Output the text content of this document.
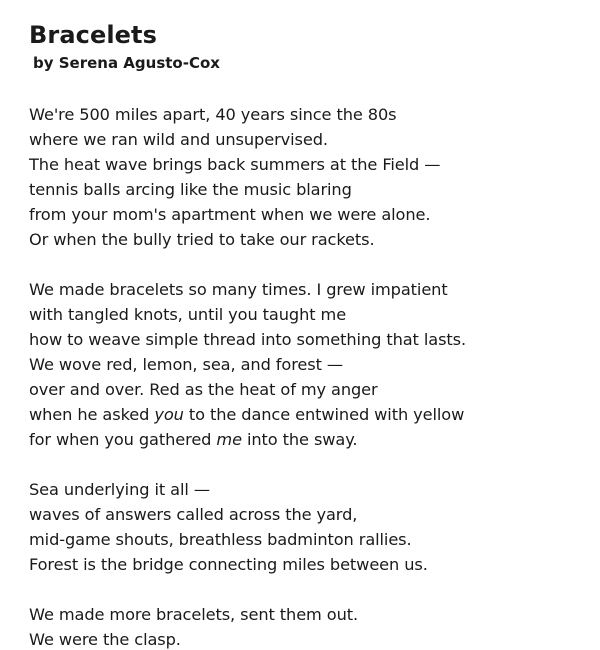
Bracelets
by Serena Agusto-Cox
We're 500 miles apart, 40 years since the 80s
where we ran wild and unsupervised.
The heat wave brings back summers at the Field —
tennis balls arcing like the music blaring
from your mom's apartment when we were alone.
Or when the bully tried to take our rackets.
We made bracelets so many times. I grew impatient
with tangled knots, until you taught me
how to weave simple thread into something that lasts.
We wove red, lemon, sea, and forest —
over and over. Red as the heat of my anger
when he asked you to the dance entwined with yellow
for when you gathered me into the sway.
Sea underlying it all —
waves of answers called across the yard,
mid-game shouts, breathless badminton rallies.
Forest is the bridge connecting miles between us.
We made more bracelets, sent them out.
We were the clasp.
